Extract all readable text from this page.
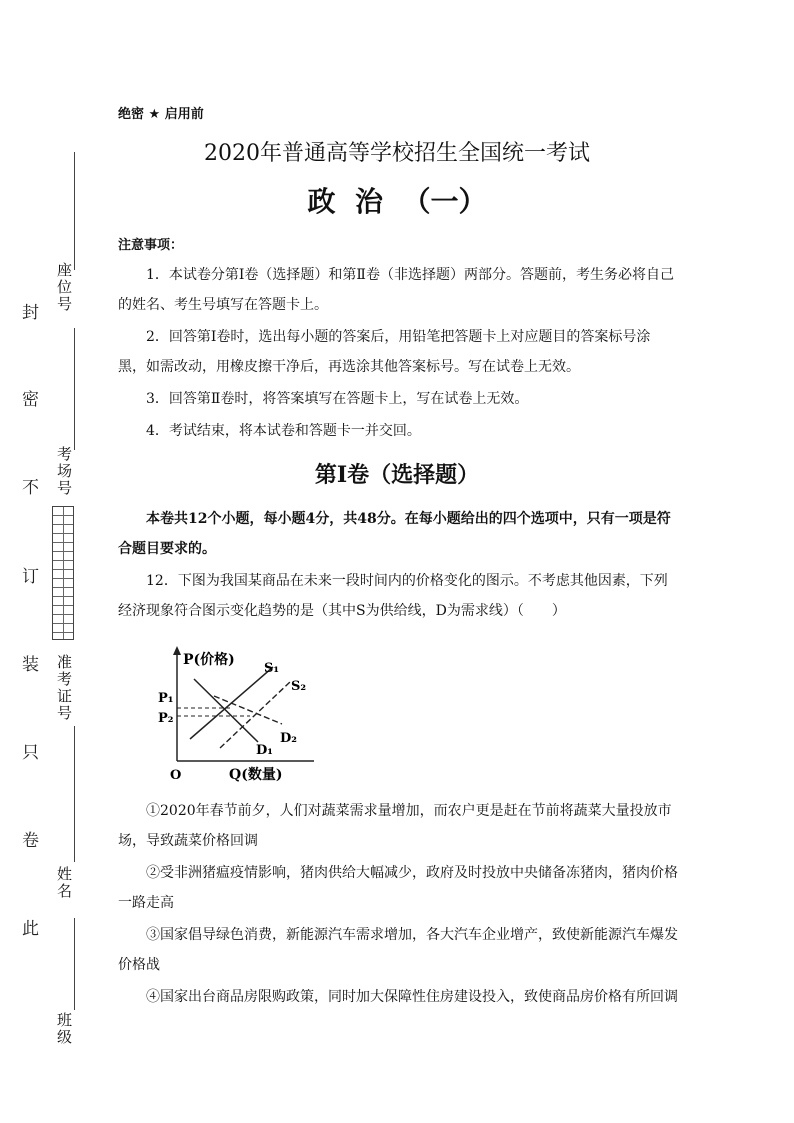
座位号
考场号
准考证号
姓名
班级
封
密
不
订
装
只
卷
此
绝密 ★ 启用前
2020年普通高等学校招生全国统一考试
政  治  （一）
注意事项：
1．本试卷分第Ⅰ卷（选择题）和第Ⅱ卷（非选择题）两部分。答题前，考生务必将自己的姓名、考生号填写在答题卡上。
2．回答第Ⅰ卷时，选出每小题的答案后，用铅笔把答题卡上对应题目的答案标号涂黑，如需改动，用橡皮擦干净后，再选涂其他答案标号。写在试卷上无效。
3．回答第Ⅱ卷时，将答案填写在答题卡上，写在试卷上无效。
4．考试结束，将本试卷和答题卡一并交回。
第Ⅰ卷（选择题）
本卷共12个小题，每小题4分，共48分。在每小题给出的四个选项中，只有一项是符合题目要求的。
12．下图为我国某商品在未来一段时间内的价格变化的图示。不考虑其他因素，下列经济现象符合图示变化趋势的是（其中S为供给线，D为需求线）（　　）
P(价格)
Q(数量)
O
P₁
P₂
S₁
S₂
D₂
D₁
①2020年春节前夕，人们对蔬菜需求量增加，而农户更是赶在节前将蔬菜大量投放市场，导致蔬菜价格回调
②受非洲猪瘟疫情影响，猪肉供给大幅减少，政府及时投放中央储备冻猪肉，猪肉价格一路走高
③国家倡导绿色消费，新能源汽车需求增加，各大汽车企业增产，致使新能源汽车爆发价格战
④国家出台商品房限购政策，同时加大保障性住房建设投入，致使商品房价格有所回调
